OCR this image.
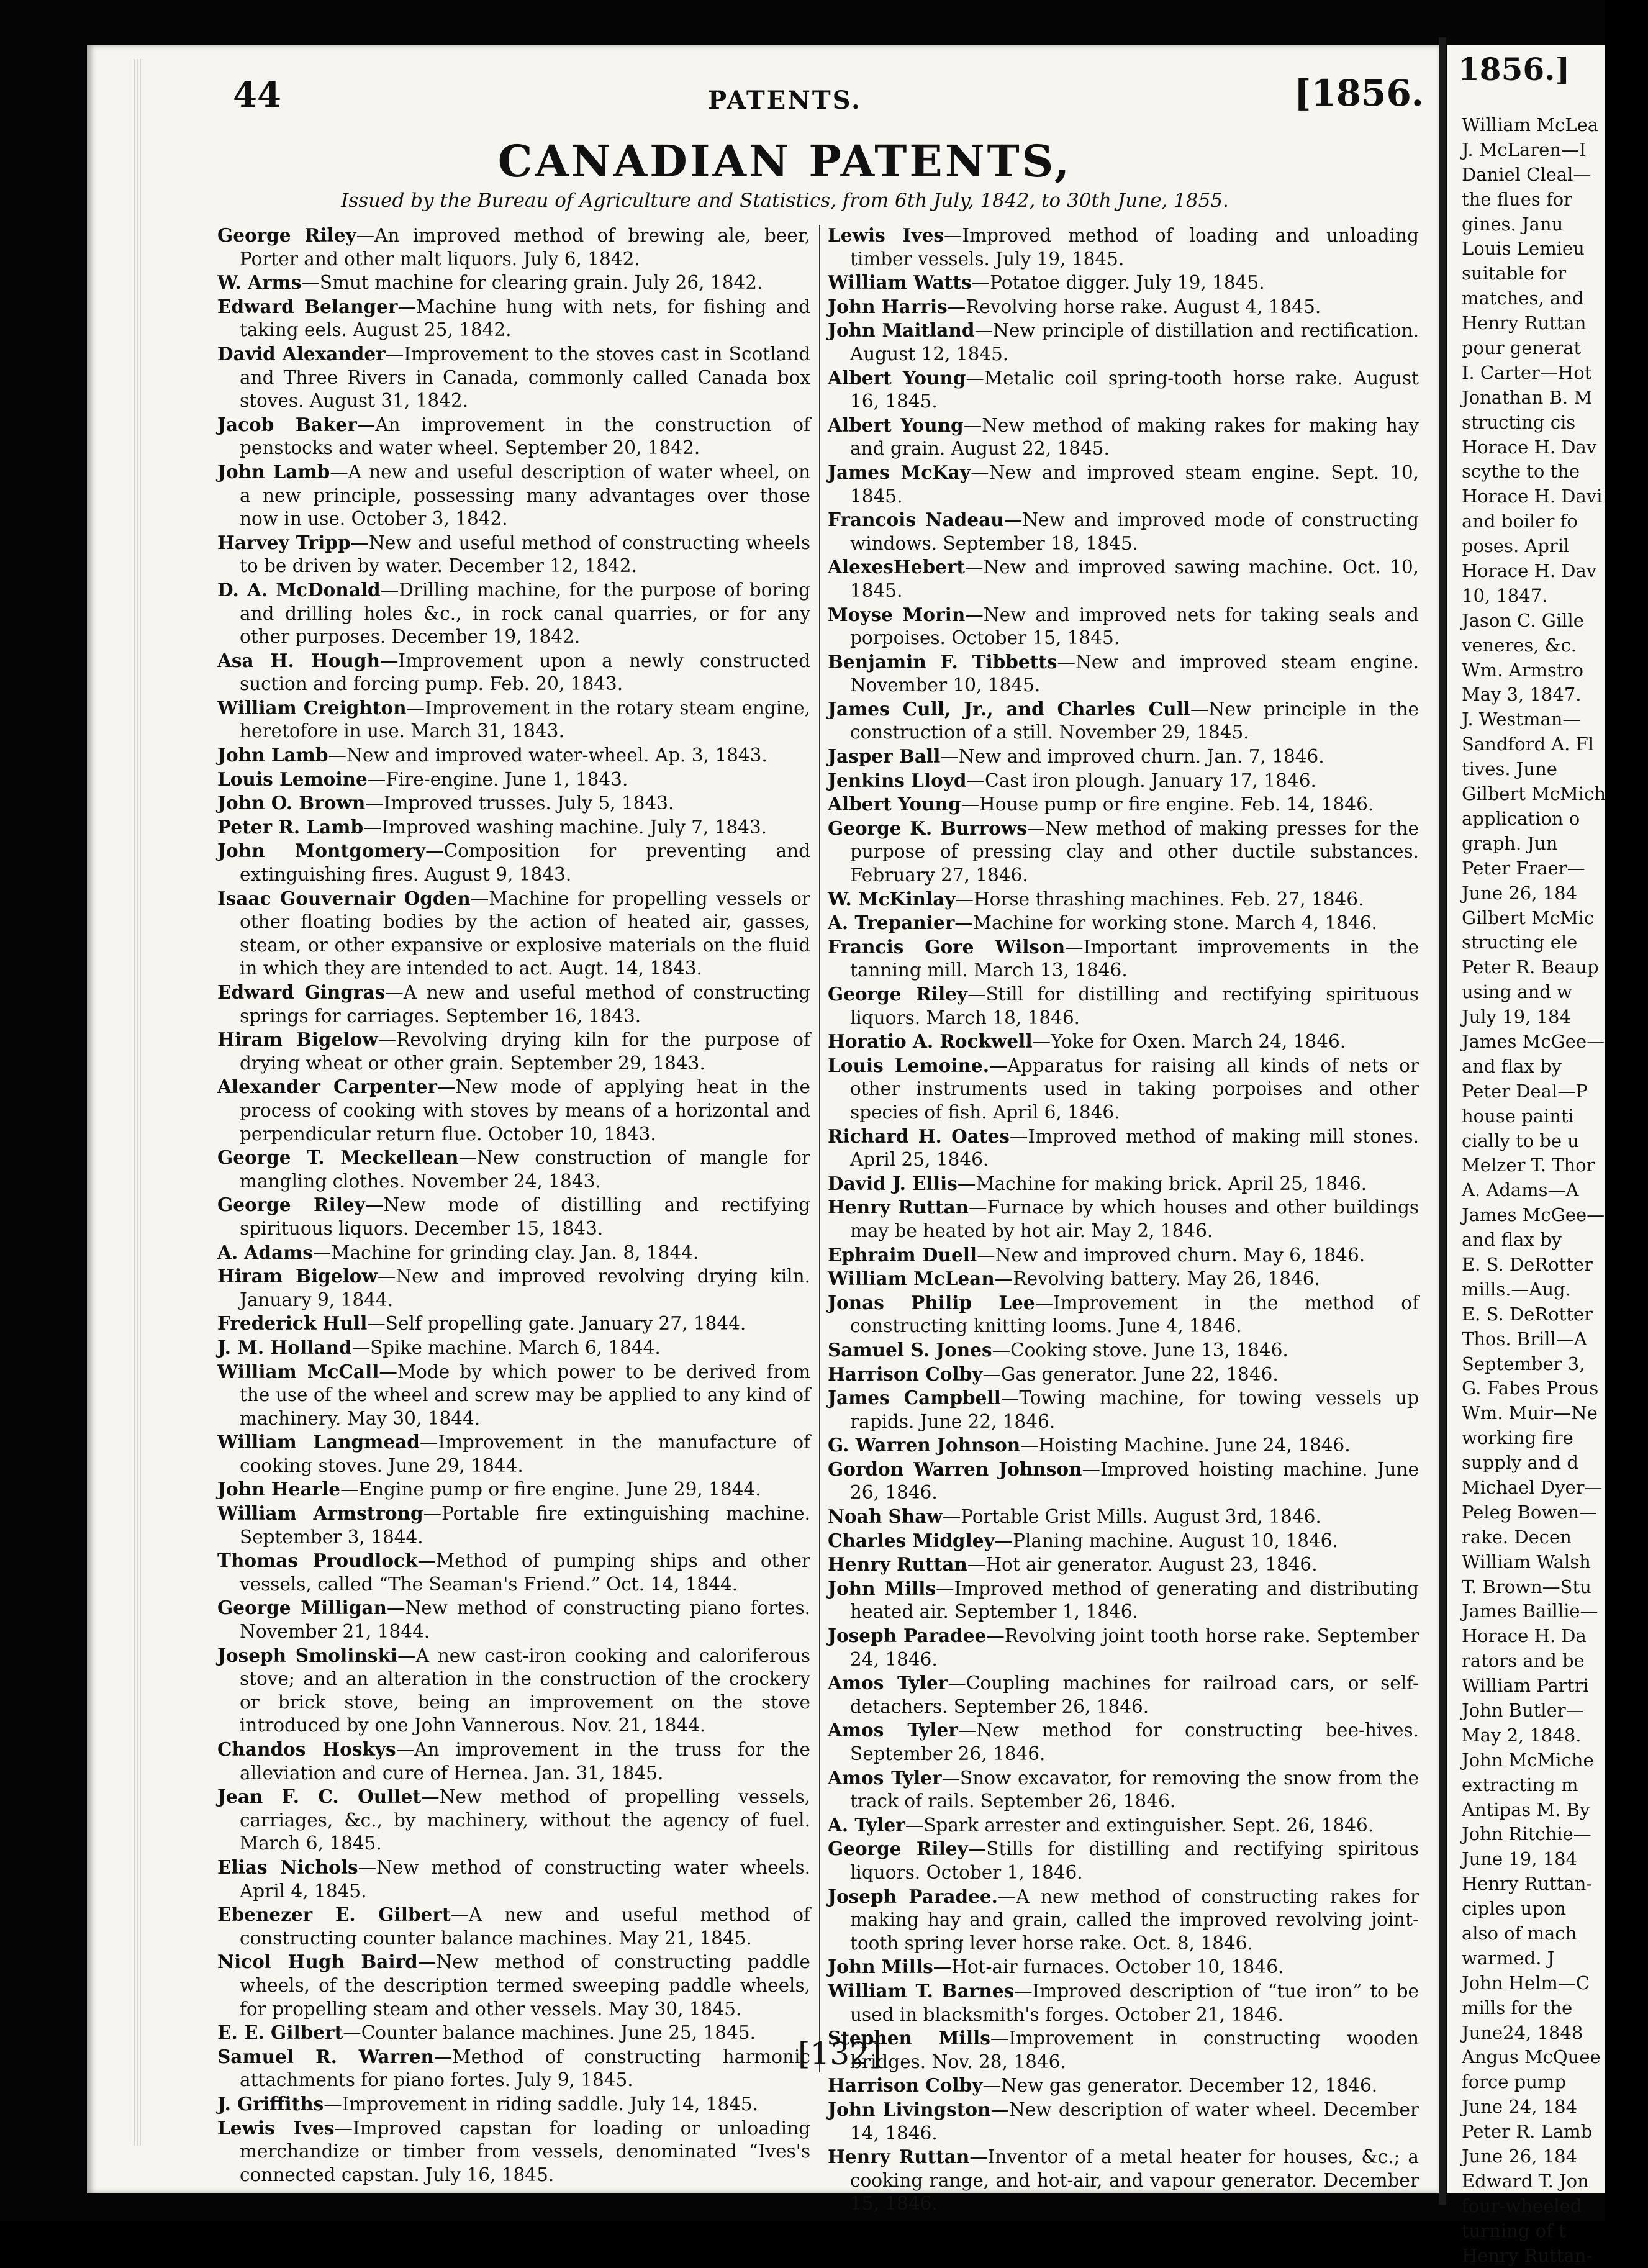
1856.]
William McLea
J. McLaren—I
Daniel Cleal—
the flues for
gines. Janu
Louis Lemieu
suitable for
matches, and
Henry Ruttan
pour generat
I. Carter—Hot
Jonathan B. M
structing cis
Horace H. Dav
scythe to the
Horace H. Davi
and boiler fo
poses. April
Horace H. Dav
10, 1847.
Jason C. Gille
veneres, &c.
Wm. Armstro
May 3, 1847.
J. Westman—
Sandford A. Fl
tives. June
Gilbert McMich
application o
graph. Jun
Peter Fraer—
June 26, 184
Gilbert McMic
structing ele
Peter R. Beaup
using and w
July 19, 184
James McGee—
and flax by
Peter Deal—P
house painti
cially to be u
Melzer T. Thor
A. Adams—A
James McGee—
and flax by
E. S. DeRotter
mills.—Aug.
E. S. DeRotter
Thos. Brill—A
September 3,
G. Fabes Prous
Wm. Muir—Ne
working fire
supply and d
Michael Dyer—
Peleg Bowen—
rake. Decen
William Walsh
T. Brown—Stu
James Baillie—
Horace H. Da
rators and be
William Partri
John Butler—
May 2, 1848.
John McMiche
extracting m
Antipas M. By
John Ritchie—
June 19, 184
Henry Ruttan-
ciples upon
also of mach
warmed. J
John Helm—C
mills for the
June24, 1848
Angus McQuee
force pump
June 24, 184
Peter R. Lamb
June 26, 184
Edward T. Jon
four-wheeled
turning of t
Henry Ruttan-
44	PATENTS.	[1856.
CANADIAN PATENTS,
Issued by the Bureau of Agriculture and Statistics, from 6th July, 1842, to 30th June, 1855.

George Riley—An improved method of brewing ale, beer, Porter and other malt liquors. July 6, 1842.

W. Arms—Smut machine for clearing grain. July 26, 1842.

Edward Belanger—Machine hung with nets, for fishing and taking eels. August 25, 1842.

David Alexander—Improvement to the stoves cast in Scotland and Three Rivers in Canada, commonly called Canada box stoves. August 31, 1842.

Jacob Baker—An improvement in the construction of penstocks and water wheel. September 20, 1842.

John Lamb—A new and useful description of water wheel, on a new principle, possessing many advantages over those now in use. October 3, 1842.

Harvey Tripp—New and useful method of constructing wheels to be driven by water. December 12, 1842.

D. A. McDonald—Drilling machine, for the purpose of boring and drilling holes &c., in rock canal quarries, or for any other purposes. December 19, 1842.

Asa H. Hough—Improvement upon a newly constructed suction and forcing pump. Feb. 20, 1843.

William Creighton—Improvement in the rotary steam engine, heretofore in use. March 31, 1843.

John Lamb—New and improved water-wheel. Ap. 3, 1843.

Louis Lemoine—Fire-engine. June 1, 1843.

John O. Brown—Improved trusses. July 5, 1843.

Peter R. Lamb—Improved washing machine. July 7, 1843.

John Montgomery—Composition for preventing and extinguishing fires. August 9, 1843.

Isaac Gouvernair Ogden—Machine for propelling vessels or other floating bodies by the action of heated air, gasses, steam, or other expansive or explosive materials on the fluid in which they are intended to act. Augt. 14, 1843.

Edward Gingras—A new and useful method of constructing springs for carriages. September 16, 1843.

Hiram Bigelow—Revolving drying kiln for the purpose of drying wheat or other grain. September 29, 1843.

Alexander Carpenter—New mode of applying heat in the process of cooking with stoves by means of a horizontal and perpendicular return flue. October 10, 1843.

George T. Meckellean—New construction of mangle for mangling clothes. November 24, 1843.

George Riley—New mode of distilling and rectifying spirituous liquors. December 15, 1843.

A. Adams—Machine for grinding clay. Jan. 8, 1844.

Hiram Bigelow—New and improved revolving drying kiln. January 9, 1844.

Frederick Hull—Self propelling gate. January 27, 1844.

J. M. Holland—Spike machine. March 6, 1844.

William McCall—Mode by which power to be derived from the use of the wheel and screw may be applied to any kind of machinery. May 30, 1844.

William Langmead—Improvement in the manufacture of cooking stoves. June 29, 1844.

John Hearle—Engine pump or fire engine. June 29, 1844.

William Armstrong—Portable fire extinguishing machine. September 3, 1844.

Thomas Proudlock—Method of pumping ships and other vessels, called “The Seaman's Friend.” Oct. 14, 1844.

George Milligan—New method of constructing piano fortes. November 21, 1844.

Joseph Smolinski—A new cast-iron cooking and caloriferous stove; and an alteration in the construction of the crockery or brick stove, being an improvement on the stove introduced by one John Vannerous. Nov. 21, 1844.

Chandos Hoskys—An improvement in the truss for the alleviation and cure of Hernea. Jan. 31, 1845.

Jean F. C. Oullet—New method of propelling vessels, carriages, &c., by machinery, without the agency of fuel. March 6, 1845.

Elias Nichols—New method of constructing water wheels. April 4, 1845.

Ebenezer E. Gilbert—A new and useful method of constructing counter balance machines. May 21, 1845.

Nicol Hugh Baird—New method of constructing paddle wheels, of the description termed sweeping paddle wheels, for propelling steam and other vessels. May 30, 1845.

E. E. Gilbert—Counter balance machines. June 25, 1845.

Samuel R. Warren—Method of constructing harmonic attachments for piano fortes. July 9, 1845.

J. Griffiths—Improvement in riding saddle. July 14, 1845.

Lewis Ives—Improved capstan for loading or unloading merchandize or timber from vessels, denominated “Ives's connected capstan. July 16, 1845.

Lewis Ives—Improved method of loading and unloading timber vessels. July 19, 1845.

William Watts—Potatoe digger. July 19, 1845.

John Harris—Revolving horse rake. August 4, 1845.

John Maitland—New principle of distillation and rectification. August 12, 1845.

Albert Young—Metalic coil spring-tooth horse rake. August 16, 1845.

Albert Young—New method of making rakes for making hay and grain. August 22, 1845.

James McKay—New and improved steam engine. Sept. 10, 1845.

Francois Nadeau—New and improved mode of constructing windows. September 18, 1845.

AlexesHebert—New and improved sawing machine. Oct. 10, 1845.

Moyse Morin—New and improved nets for taking seals and porpoises. October 15, 1845.

Benjamin F. Tibbetts—New and improved steam engine. November 10, 1845.

James Cull, Jr., and Charles Cull—New principle in the construction of a still. November 29, 1845.

Jasper Ball—New and improved churn. Jan. 7, 1846.

Jenkins Lloyd—Cast iron plough. January 17, 1846.

Albert Young—House pump or fire engine. Feb. 14, 1846.

George K. Burrows—New method of making presses for the purpose of pressing clay and other ductile substances. February 27, 1846.

W. McKinlay—Horse thrashing machines. Feb. 27, 1846.

A. Trepanier—Machine for working stone. March 4, 1846.

Francis Gore Wilson—Important improvements in the tanning mill. March 13, 1846.

George Riley—Still for distilling and rectifying spirituous liquors. March 18, 1846.

Horatio A. Rockwell—Yoke for Oxen. March 24, 1846.

Louis Lemoine.—Apparatus for raising all kinds of nets or other instruments used in taking porpoises and other species of fish. April 6, 1846.

Richard H. Oates—Improved method of making mill stones. April 25, 1846.

David J. Ellis—Machine for making brick. April 25, 1846.

Henry Ruttan—Furnace by which houses and other buildings may be heated by hot air. May 2, 1846.

Ephraim Duell—New and improved churn. May 6, 1846.

William McLean—Revolving battery. May 26, 1846.

Jonas Philip Lee—Improvement in the method of constructing knitting looms. June 4, 1846.

Samuel S. Jones—Cooking stove. June 13, 1846.

Harrison Colby—Gas generator. June 22, 1846.

James Campbell—Towing machine, for towing vessels up rapids. June 22, 1846.

G. Warren Johnson—Hoisting Machine. June 24, 1846.

Gordon Warren Johnson—Improved hoisting machine. June 26, 1846.

Noah Shaw—Portable Grist Mills. August 3rd, 1846.

Charles Midgley—Planing machine. August 10, 1846.

Henry Ruttan—Hot air generator. August 23, 1846.

John Mills—Improved method of generating and distributing heated air. September 1, 1846.

Joseph Paradee—Revolving joint tooth horse rake. September 24, 1846.

Amos Tyler—Coupling machines for railroad cars, or self-detachers. September 26, 1846.

Amos Tyler—New method for constructing bee-hives. September 26, 1846.

Amos Tyler—Snow excavator, for removing the snow from the track of rails. September 26, 1846.

A. Tyler—Spark arrester and extinguisher. Sept. 26, 1846.

George Riley—Stills for distilling and rectifying spiritous liquors. October 1, 1846.

Joseph Paradee.—A new method of constructing rakes for making hay and grain, called the improved revolving joint-tooth spring lever horse rake. Oct. 8, 1846.

John Mills—Hot-air furnaces. October 10, 1846.

William T. Barnes—Improved description of “tue iron” to be used in blacksmith's forges. October 21, 1846.

Stephen Mills—Improvement in constructing wooden bridges. Nov. 28, 1846.

Harrison Colby—New gas generator. December 12, 1846.

John Livingston—New description of water wheel. December 14, 1846.

Henry Ruttan—Inventor of a metal heater for houses, &c.; a cooking range, and hot-air, and vapour generator. December 15, 1846.

[132]
